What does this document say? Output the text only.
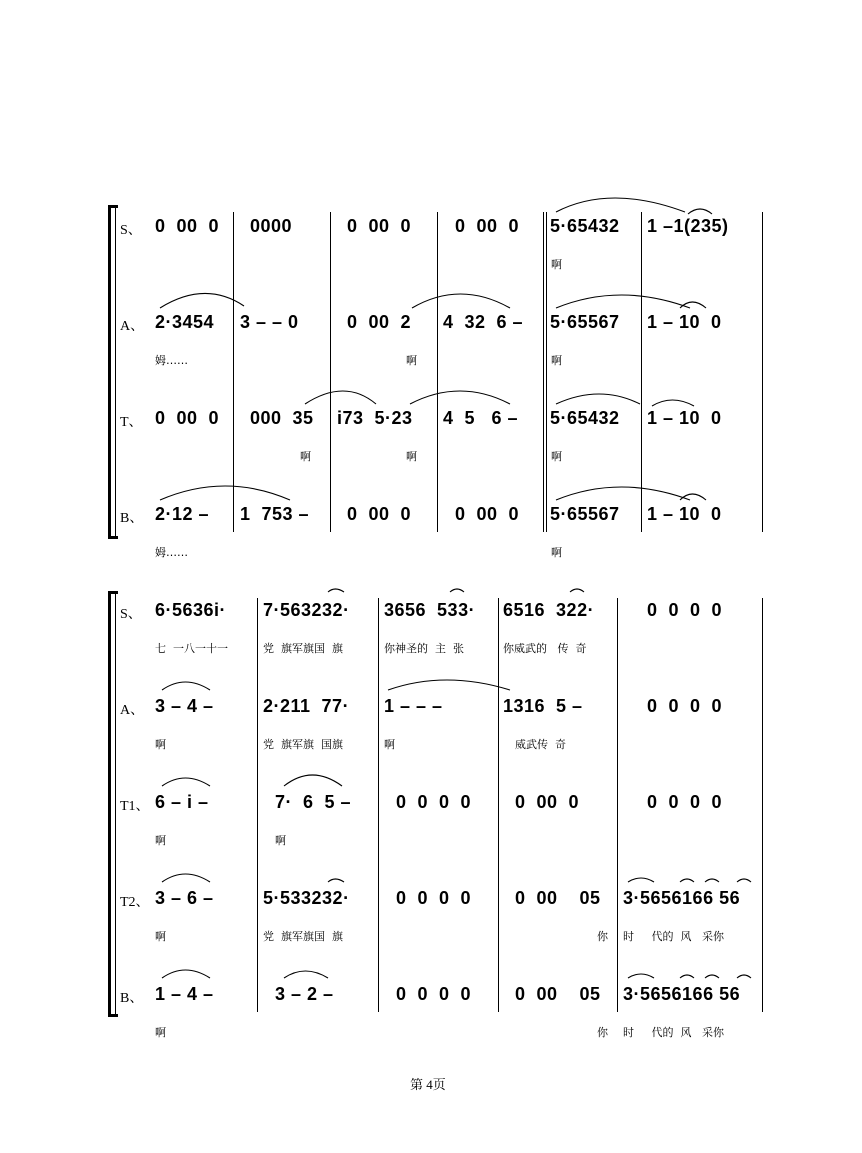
S、 0  00  0 0000	0  00  0 0  00  0 5·65432 1 –1(235)
啊
A、 2·3454 3 – – 0	0  00  2 4  32  6 – 5·65567 1 – 10  0
姆……	啊	啊
T、 0  00  0 000  35 i73  5·23 4  5   6 – 5·65432 1 – 10  0
啊	啊	啊
B、 2·12 – 1  753 – 0  00  0 0  00  0 5·65567 1 – 10  0
姆……	啊
S、 6·5636i· 7·563232· 3656  533· 6516  322·	0  0  0  0
七  一八一十一	党  旗军旗国  旗	你神圣的  主  张	你威武的   传  奇
A、 3 – 4 –	2·211  77· 1 – – –	1316  5 –	0  0  0  0
啊	党  旗军旗  国旗	啊	威武传  奇
T1、 6 – i –	7·  6  5 – 0  0  0  0 0  00  0	0  0  0  0
啊	啊
T2、 3 – 6 –	5·533232·	0  0  0  0 0  00    05 3·5656166 56
党  旗军旗国  旗
啊	你 时     代的  风   采你
B、 1 – 4 –	3 – 2 –	0  0  0  0 0  00    05 3·5656166 56
啊	你 时     代的  风   采你
第 4页
